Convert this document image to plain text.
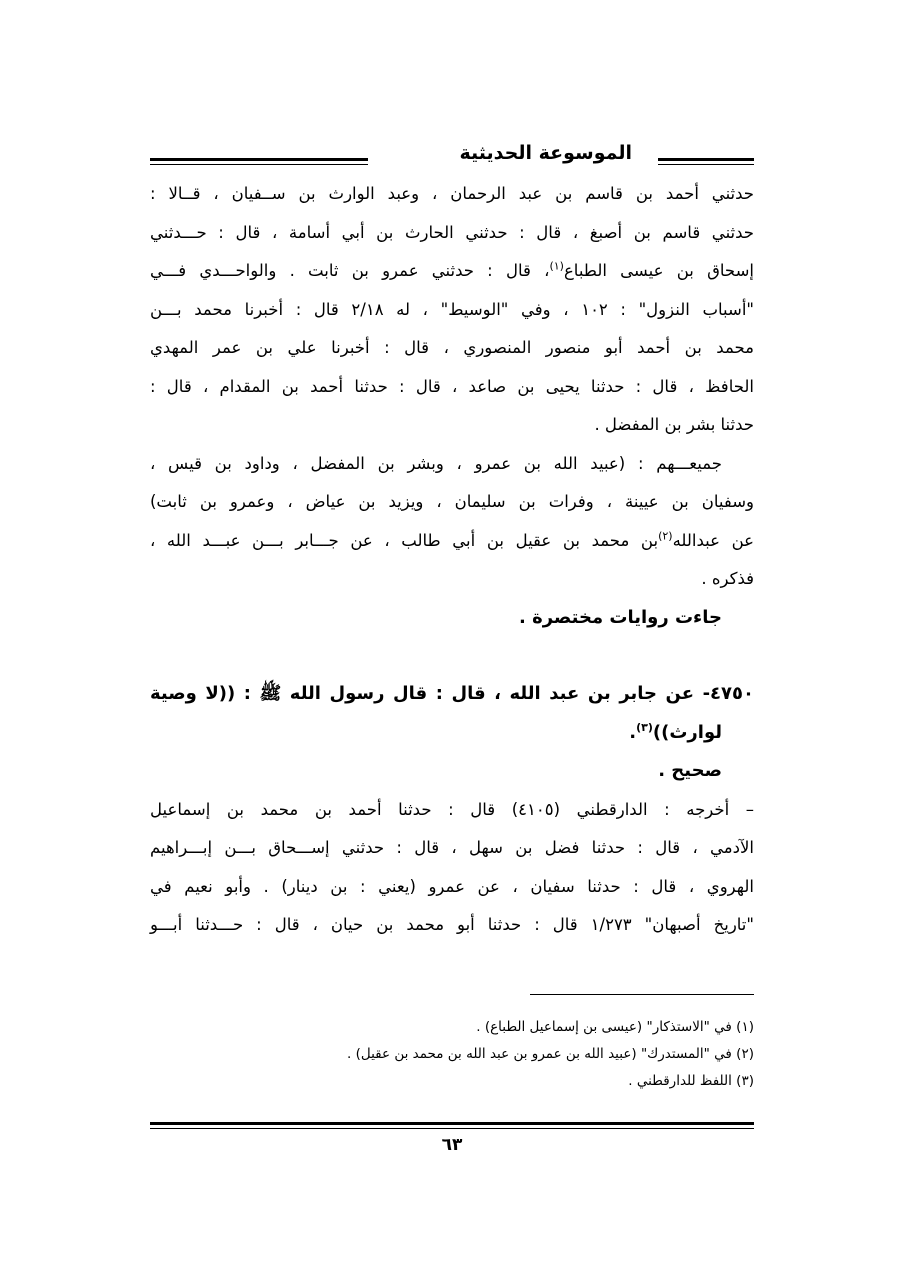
الموسوعة الحديثية
حدثني أحمد بن قاسم بن عبد الرحمان ، وعبد الوارث بن ســفيان ، قــالا :
حدثني قاسم بن أصبغ ، قال : حدثني الحارث بن أبي أسامة ، قال : حـــدثني
إسحاق بن عيسى الطباع$^{(١)}$، قال : حدثني عمرو بن ثابت . والواحـــدي فـــي
"أسباب النزول" : ١٠٢ ، وفي "الوسيط" ، له ٢/١٨ قال : أخبرنا محمد بـــن
محمد بن أحمد أبو منصور المنصوري ، قال : أخبرنا علي بن عمر المهدي
الحافظ ، قال : حدثنا يحيى بن صاعد ، قال : حدثنا أحمد بن المقدام ، قال :
حدثنا بشر بن المفضل .
جميعـــهم : (عبيد الله بن عمرو ، وبشر بن المفضل ، وداود بن قيس ،
وسفيان بن عيينة ، وفرات بن سليمان ، ويزيد بن عياض ، وعمرو بن ثابت)
عن عبدالله$^{(٢)}$بن محمد بن عقيل بن أبي طالب ، عن جـــابر بـــن عبـــد الله ،
فذكره .
جاءت روايات مختصرة .
٤٧٥٠- عن جابر بن عبد الله ، قال : قال رسول الله ﷺ : ((لا وصية
لوارث))$^{(٣)}$.
صحيح .
– أخرجه : الدارقطني (٤١٠٥) قال : حدثنا أحمد بن محمد بن إسماعيل
الآدمي ، قال : حدثنا فضل بن سهل ، قال : حدثني إســـحاق بـــن إبـــراهيم
الهروي ، قال : حدثنا سفيان ، عن عمرو (يعني : بن دينار) . وأبو نعيم في
"تاريخ أصبهان" ١/٢٧٣ قال : حدثنا أبو محمد بن حيان ، قال : حـــدثنا أبـــو
(١) في "الاستذكار" (عيسى بن إسماعيل الطباع) .
(٢) في "المستدرك" (عبيد الله بن عمرو بن عبد الله بن محمد بن عقيل) .
(٣) اللفظ للدارقطني .
٦٣
